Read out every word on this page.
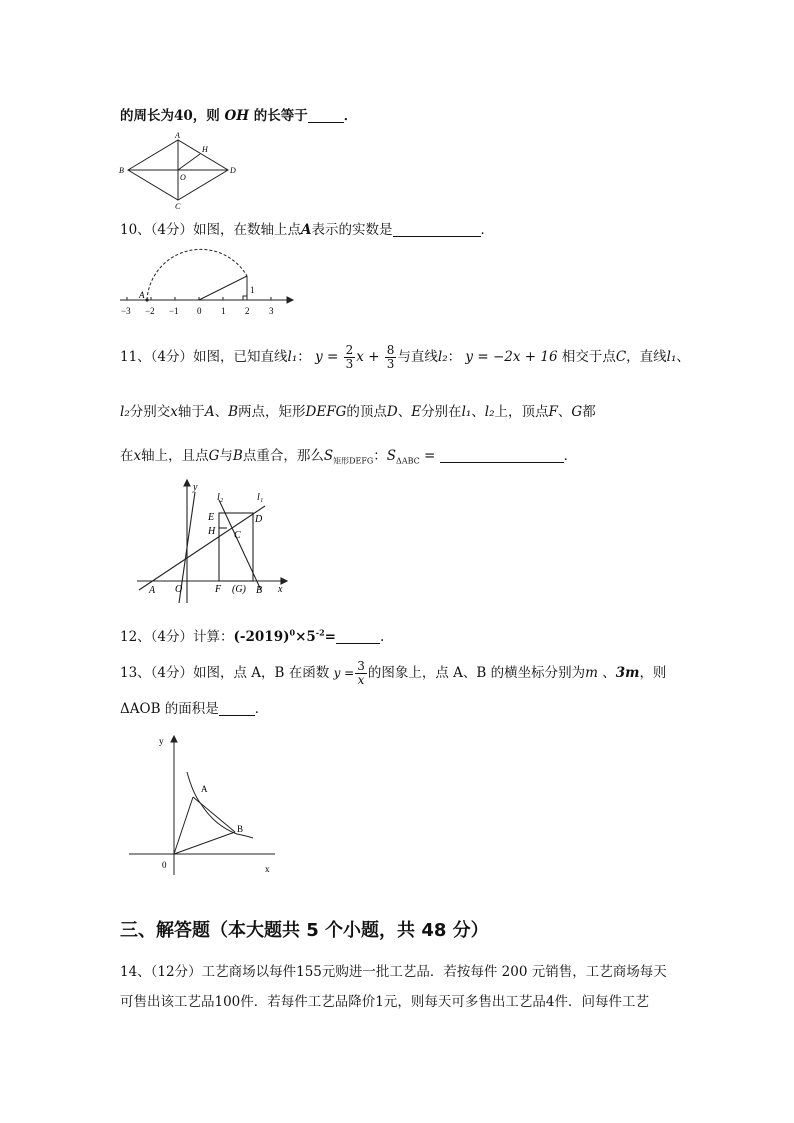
的周长为40，则 OH 的长等于	．
A
B
C
D
H
O
10、（4分）如图，在数轴上点A表示的实数是	．
A	1
−3 −2 −1 0 1 2 3
11、（4分）如图，已知直线l₁： $y = \frac{2}{3}$ $x + \frac{8}{3}$ 与直线l₂： y = −2x + 16 相交于点C，直线l₁、
l₂分别交x轴于A、B两点，矩形DEFG的顶点D、E分别在l₁、l₂上，顶点F、G都
在x轴上，且点G与B点重合，那么$S_{矩形DEFG}$：$S_{\Delta ABC}$ =	．
y
x
l₂	l₁
E	D
H C
A O	F (G) B
12、（4分）计算：$(-2019)^0\times 5^{-2}=$	.
13、（4分）如图，点 A，B 在函数 $y = \frac{3}{x}$ 的图象上，点 A、B 的横坐标分别为m 、3m，则
ΔAOB 的面积是	．
y
x
0
A
B
三、解答题（本大题共 5 个小题，共 48 分）
14、（12分）工艺商场以每件155元购进一批工艺品．若按每件 200 元销售，工艺商场每天
可售出该工艺品100件．若每件工艺品降价1元，则每天可多售出工艺品4件．问每件工艺
